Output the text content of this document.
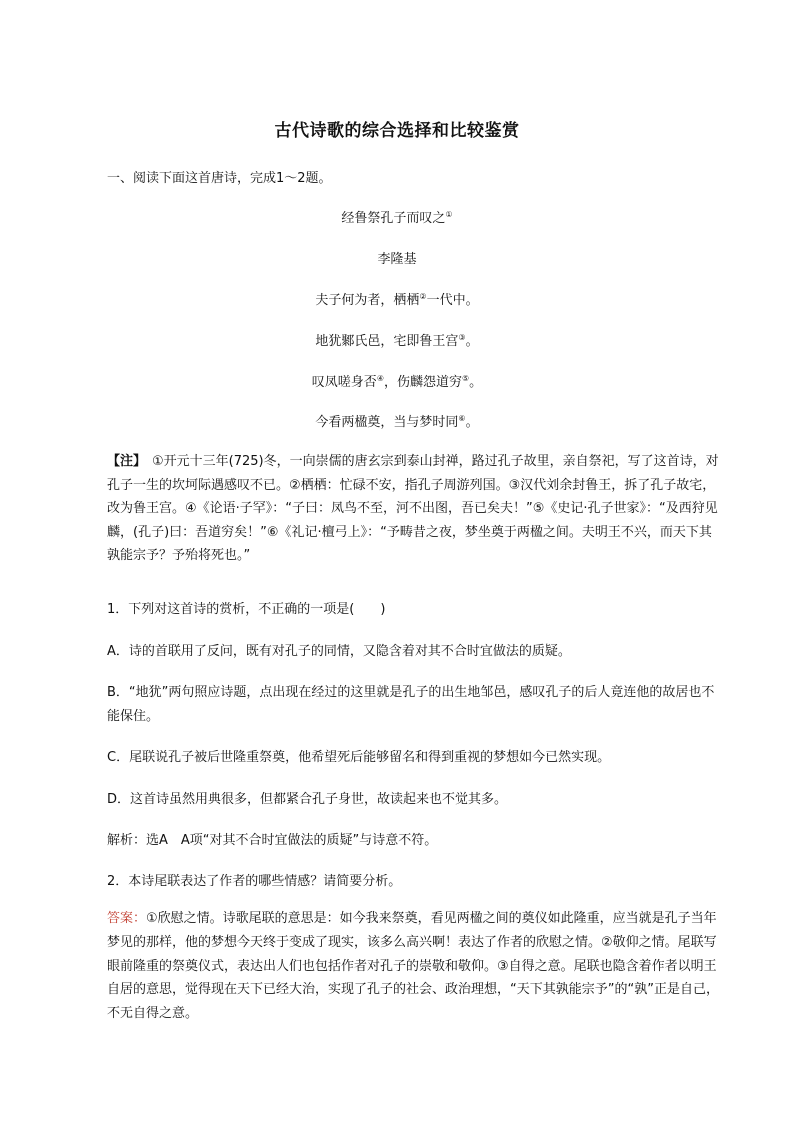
古代诗歌的综合选择和比较鉴赏
一、阅读下面这首唐诗，完成1～2题。
经鲁祭孔子而叹之①
李隆基
夫子何为者，栖栖②一代中。
地犹鄹氏邑，宅即鲁王宫③。
叹凤嗟身否④，伤麟怨道穷⑤。
今看两楹奠，当与梦时同⑥。
【注】 ①开元十三年(725)冬，一向崇儒的唐玄宗到泰山封禅，路过孔子故里，亲自祭祀，写了这首诗，对孔子一生的坎坷际遇感叹不已。②栖栖：忙碌不安，指孔子周游列国。③汉代刘余封鲁王，拆了孔子故宅，改为鲁王宫。④《论语·子罕》：“子曰：凤鸟不至，河不出图，吾已矣夫！”⑤《史记·孔子世家》：“及西狩见麟，(孔子)曰：吾道穷矣！”⑥《礼记·檀弓上》：“予畴昔之夜，梦坐奠于两楹之间。夫明王不兴，而天下其孰能宗予？予殆将死也。”
1．下列对这首诗的赏析，不正确的一项是(　　)
A．诗的首联用了反问，既有对孔子的同情，又隐含着对其不合时宜做法的质疑。
B．“地犹”两句照应诗题，点出现在经过的这里就是孔子的出生地邹邑，感叹孔子的后人竟连他的故居也不能保住。
C．尾联说孔子被后世隆重祭奠，他希望死后能够留名和得到重视的梦想如今已然实现。
D．这首诗虽然用典很多，但都紧合孔子身世，故读起来也不觉其多。
解析：选A　A项“对其不合时宜做法的质疑”与诗意不符。
2．本诗尾联表达了作者的哪些情感？请简要分析。
答案：①欣慰之情。诗歌尾联的意思是：如今我来祭奠，看见两楹之间的奠仪如此隆重，应当就是孔子当年梦见的那样，他的梦想今天终于变成了现实，该多么高兴啊！表达了作者的欣慰之情。②敬仰之情。尾联写眼前隆重的祭奠仪式，表达出人们也包括作者对孔子的崇敬和敬仰。③自得之意。尾联也隐含着作者以明王自居的意思，觉得现在天下已经大治，实现了孔子的社会、政治理想，“天下其孰能宗予”的“孰”正是自己，不无自得之意。
